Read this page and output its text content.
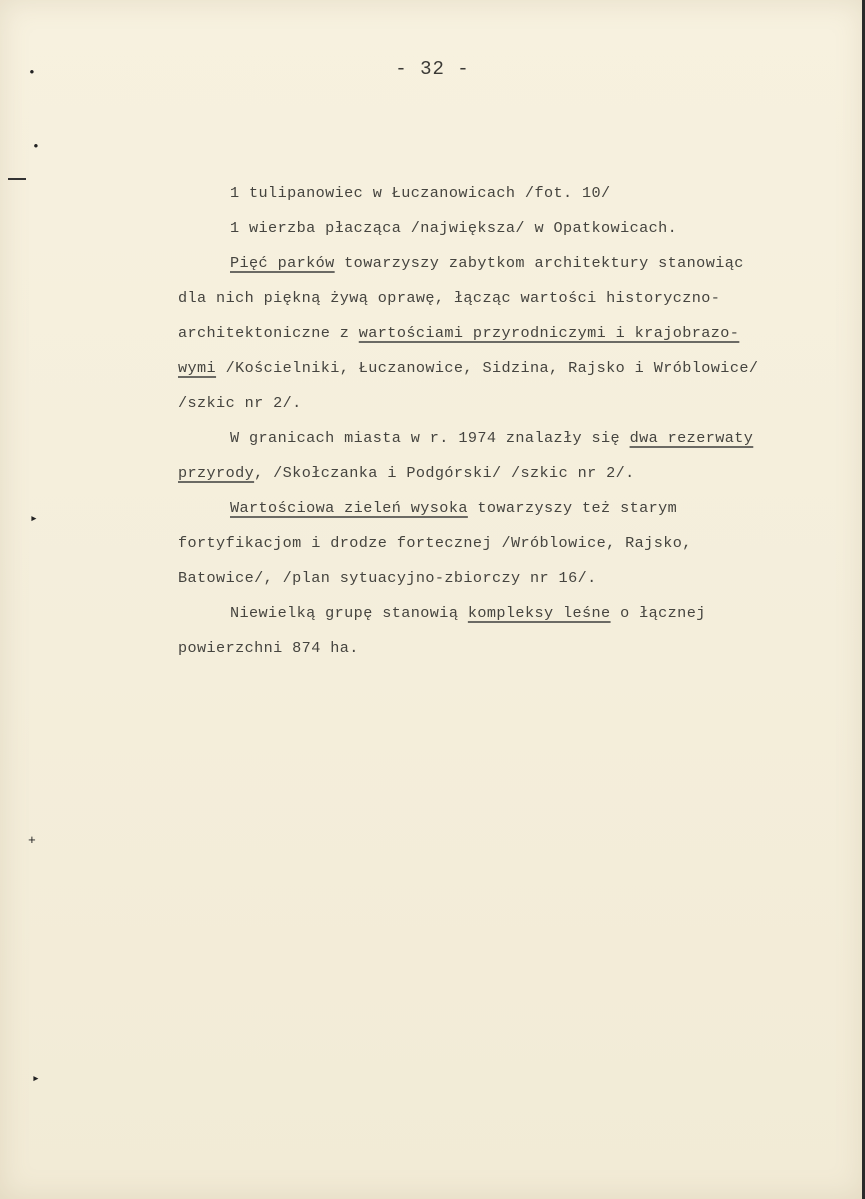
•
•
▸
+
▸
- 32 -
1 tulipanowiec w Łuczanowicach /fot. 10/
1 wierzba płacząca /największa/ w Opatkowicach.
Pięć parków towarzyszy zabytkom architektury stanowiąc
dla nich piękną żywą oprawę, łącząc wartości historyczno-
architektoniczne z wartościami przyrodniczymi i krajobrazo-
wymi /Kościelniki, Łuczanowice, Sidzina, Rajsko i Wróblowice/
/szkic nr 2/.
W granicach miasta w r. 1974 znalazły się dwa rezerwaty
przyrody, /Skołczanka i Podgórski/ /szkic nr 2/.
Wartościowa zieleń wysoka towarzyszy też starym
fortyfikacjom i drodze fortecznej /Wróblowice, Rajsko,
Batowice/, /plan sytuacyjno-zbiorczy nr 16/.
Niewielką grupę stanowią kompleksy leśne o łącznej
powierzchni 874 ha.
